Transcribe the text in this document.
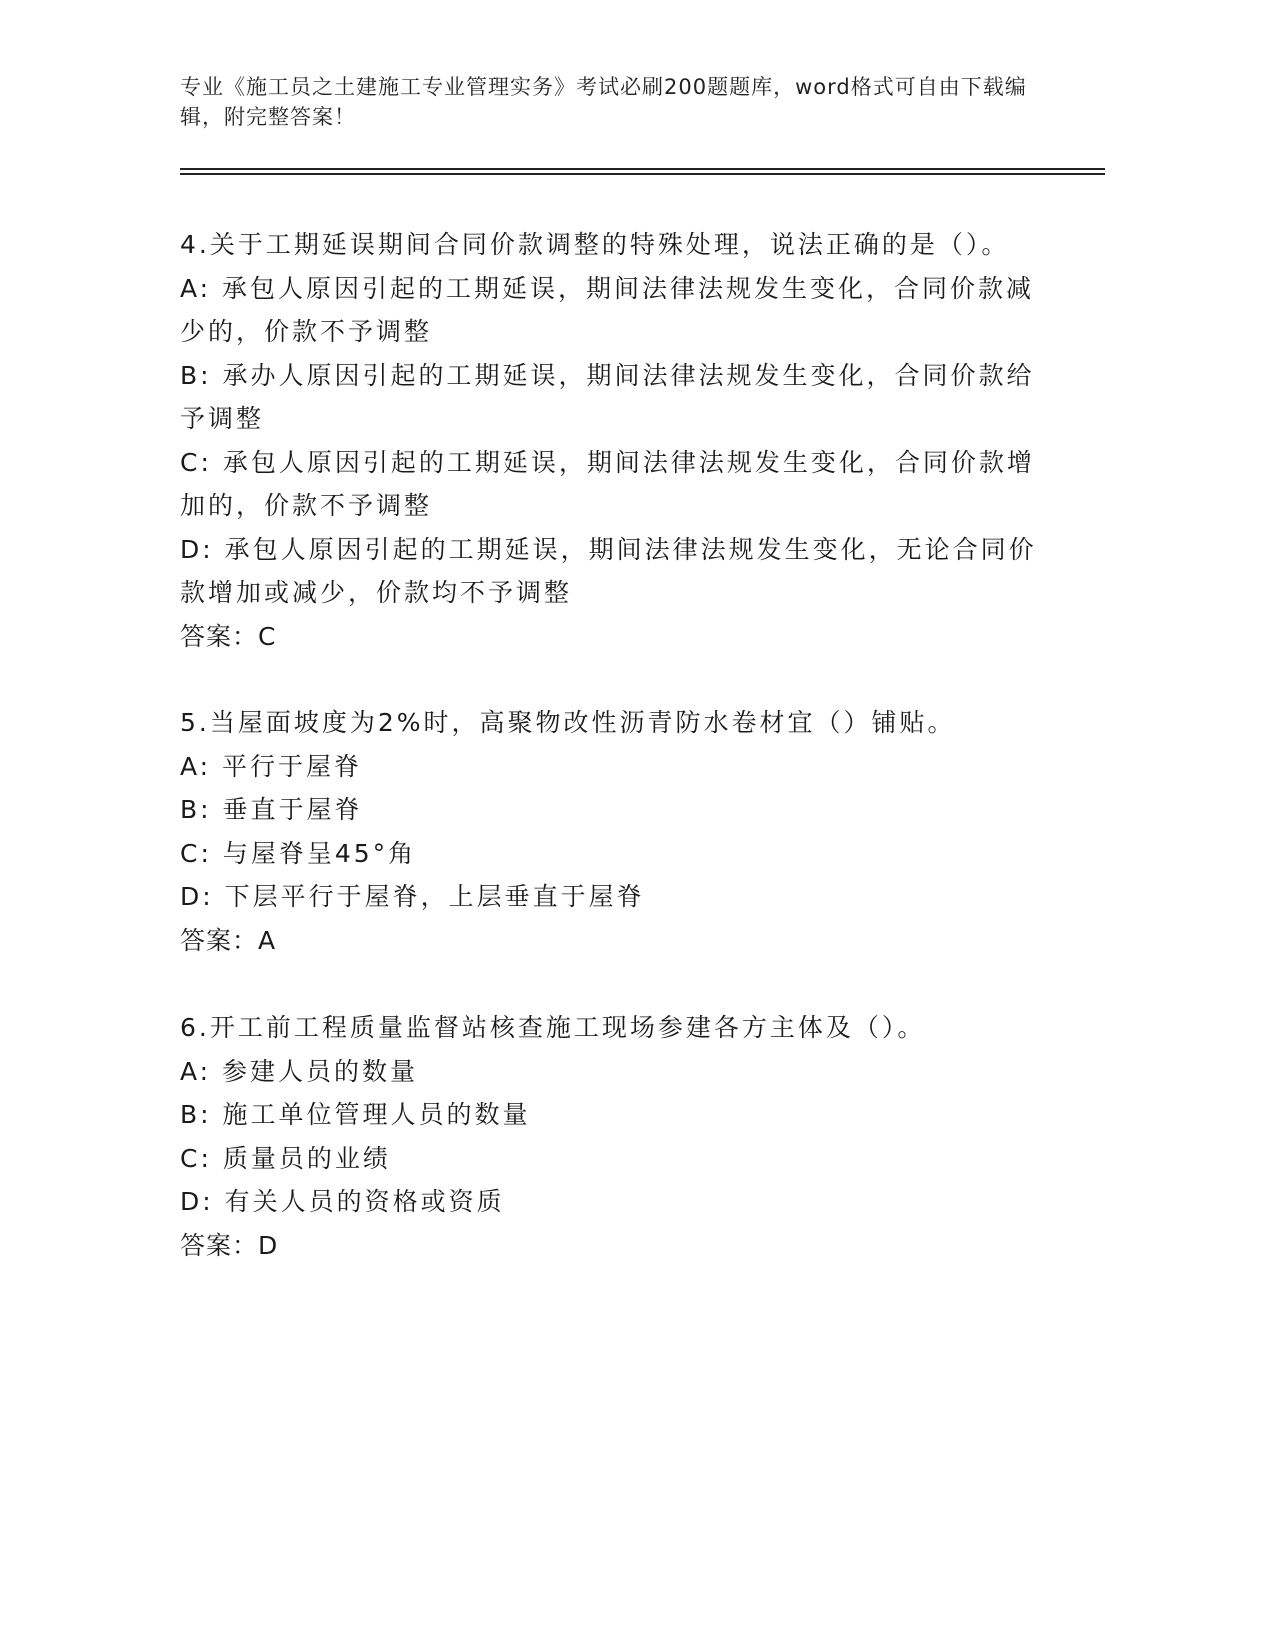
专业《施工员之土建施工专业管理实务》考试必刷200题题库，word格式可自由下载编辑，附完整答案！

4.关于工期延误期间合同价款调整的特殊处理，说法正确的是（）。

A: 承包人原因引起的工期延误，期间法律法规发生变化，合同价款减少的，价款不予调整

B: 承办人原因引起的工期延误，期间法律法规发生变化，合同价款给予调整

C: 承包人原因引起的工期延误，期间法律法规发生变化，合同价款增加的，价款不予调整

D: 承包人原因引起的工期延误，期间法律法规发生变化，无论合同价款增加或减少，价款均不予调整

答案：C

5.当屋面坡度为2%时，高聚物改性沥青防水卷材宜（）铺贴。

A: 平行于屋脊

B: 垂直于屋脊

C: 与屋脊呈45°角

D: 下层平行于屋脊，上层垂直于屋脊

答案：A

6.开工前工程质量监督站核查施工现场参建各方主体及（）。

A: 参建人员的数量

B: 施工单位管理人员的数量

C: 质量员的业绩

D: 有关人员的资格或资质

答案：D
